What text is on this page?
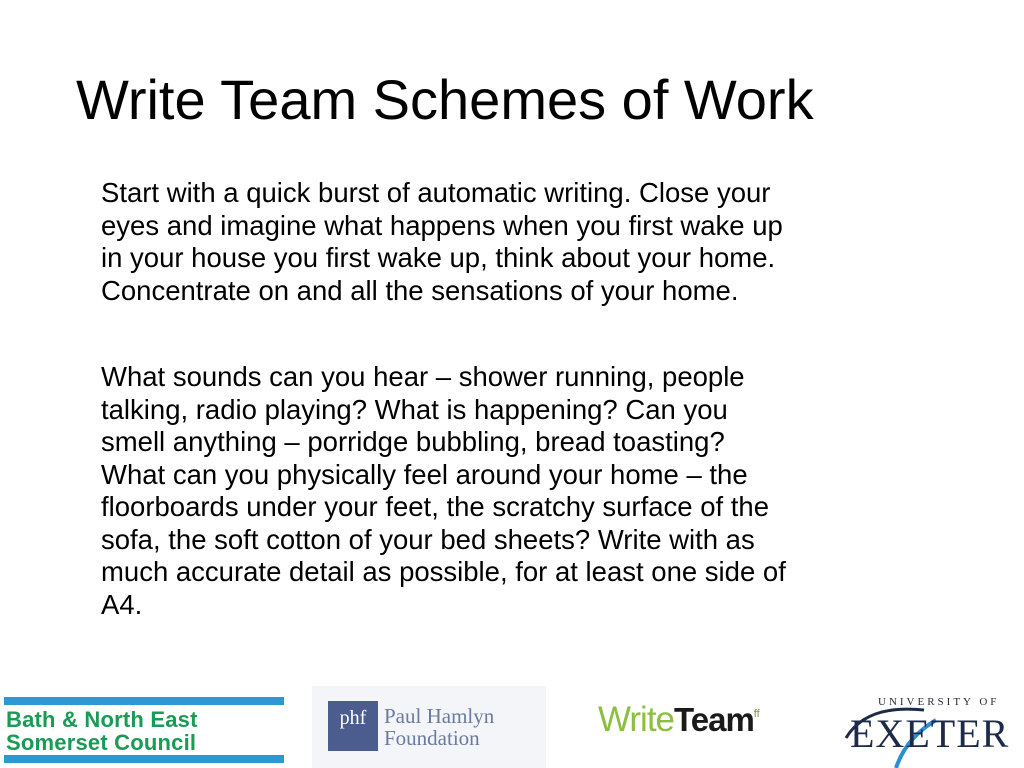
Write Team Schemes of Work

Start with a quick burst of automatic writing. Close your
eyes and imagine what happens when you first wake up
in your house you first wake up, think about your home.
Concentrate on and all the sensations of your home.

What sounds can you hear – shower running, people
talking, radio playing? What is happening? Can you
smell anything – porridge bubbling, bread toasting?
What can you physically feel around your home – the
floorboards under your feet, the scratchy surface of the
sofa, the soft cotton of your bed sheets? Write with as
much accurate detail as possible, for at least one side of
A4.

Bath & North East
Somerset Council
phf Paul Hamlyn
Foundation	WriteTeam$^{ff}$
UNIVERSITY OF
EXETER
